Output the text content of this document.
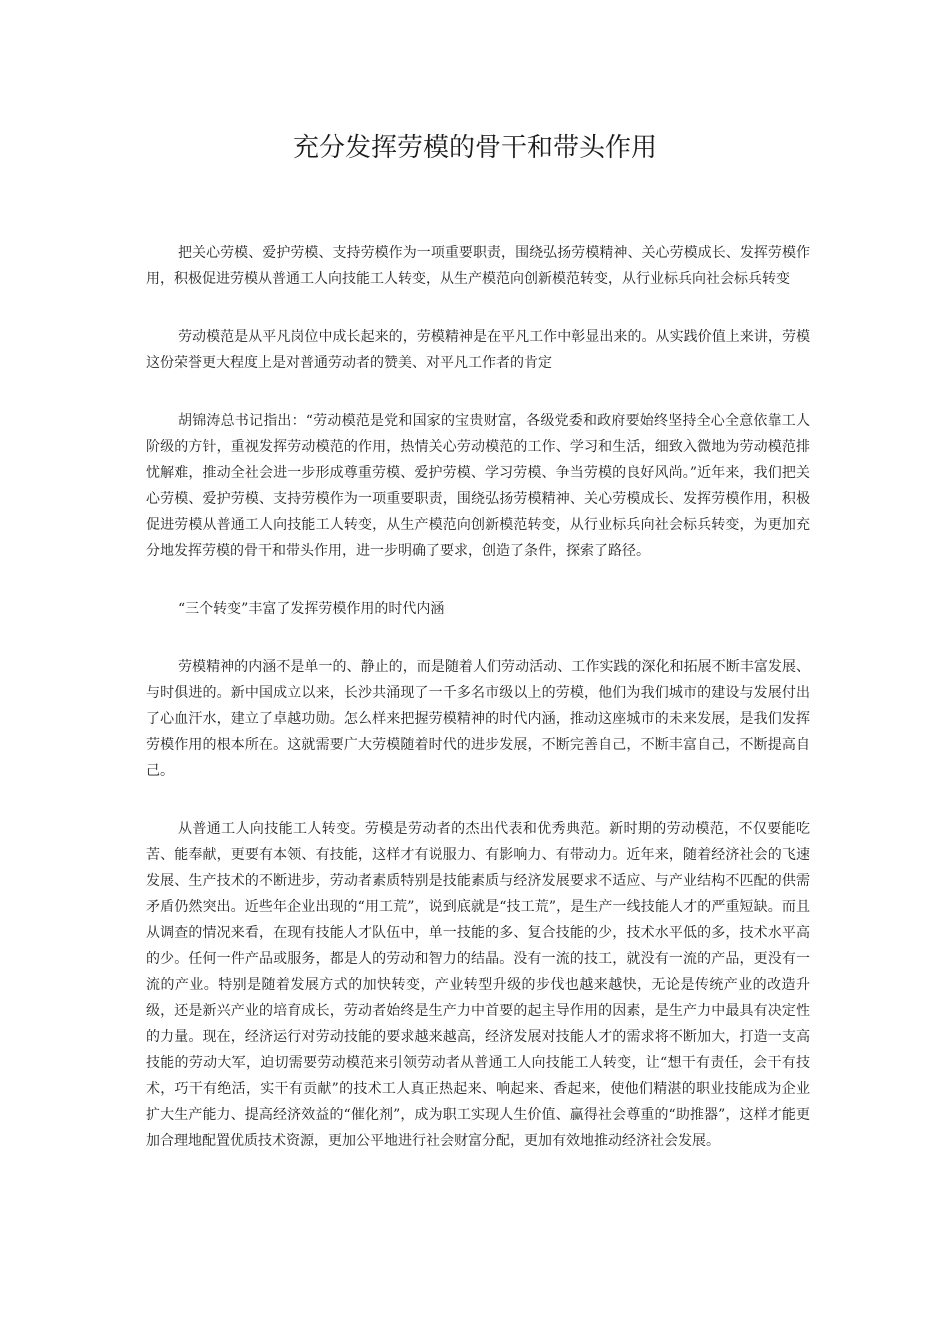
充分发挥劳模的骨干和带头作用

把关心劳模、爱护劳模、支持劳模作为一项重要职责，围绕弘扬劳模精神、关心劳模成长、发挥劳模作用，积极促进劳模从普通工人向技能工人转变，从生产模范向创新模范转变，从行业标兵向社会标兵转变

劳动模范是从平凡岗位中成长起来的，劳模精神是在平凡工作中彰显出来的。从实践价值上来讲，劳模这份荣誉更大程度上是对普通劳动者的赞美、对平凡工作者的肯定

胡锦涛总书记指出：“劳动模范是党和国家的宝贵财富，各级党委和政府要始终坚持全心全意依靠工人阶级的方针，重视发挥劳动模范的作用，热情关心劳动模范的工作、学习和生活，细致入微地为劳动模范排忧解难，推动全社会进一步形成尊重劳模、爱护劳模、学习劳模、争当劳模的良好风尚。”近年来，我们把关心劳模、爱护劳模、支持劳模作为一项重要职责，围绕弘扬劳模精神、关心劳模成长、发挥劳模作用，积极促进劳模从普通工人向技能工人转变，从生产模范向创新模范转变，从行业标兵向社会标兵转变，为更加充分地发挥劳模的骨干和带头作用，进一步明确了要求，创造了条件，探索了路径。

“三个转变”丰富了发挥劳模作用的时代内涵

劳模精神的内涵不是单一的、静止的，而是随着人们劳动活动、工作实践的深化和拓展不断丰富发展、与时俱进的。新中国成立以来，长沙共涌现了一千多名市级以上的劳模，他们为我们城市的建设与发展付出了心血汗水，建立了卓越功勋。怎么样来把握劳模精神的时代内涵，推动这座城市的未来发展，是我们发挥劳模作用的根本所在。这就需要广大劳模随着时代的进步发展，不断完善自己，不断丰富自己，不断提高自己。

从普通工人向技能工人转变。劳模是劳动者的杰出代表和优秀典范。新时期的劳动模范，不仅要能吃苦、能奉献，更要有本领、有技能，这样才有说服力、有影响力、有带动力。近年来，随着经济社会的飞速发展、生产技术的不断进步，劳动者素质特别是技能素质与经济发展要求不适应、与产业结构不匹配的供需矛盾仍然突出。近些年企业出现的“用工荒”，说到底就是“技工荒”，是生产一线技能人才的严重短缺。而且从调查的情况来看，在现有技能人才队伍中，单一技能的多、复合技能的少，技术水平低的多，技术水平高的少。任何一件产品或服务，都是人的劳动和智力的结晶。没有一流的技工，就没有一流的产品，更没有一流的产业。特别是随着发展方式的加快转变，产业转型升级的步伐也越来越快，无论是传统产业的改造升级，还是新兴产业的培育成长，劳动者始终是生产力中首要的起主导作用的因素，是生产力中最具有决定性的力量。现在，经济运行对劳动技能的要求越来越高，经济发展对技能人才的需求将不断加大，打造一支高技能的劳动大军，迫切需要劳动模范来引领劳动者从普通工人向技能工人转变，让“想干有责任，会干有技术，巧干有绝活，实干有贡献”的技术工人真正热起来、响起来、香起来，使他们精湛的职业技能成为企业扩大生产能力、提高经济效益的“催化剂”，成为职工实现人生价值、赢得社会尊重的“助推器”，这样才能更加合理地配置优质技术资源，更加公平地进行社会财富分配，更加有效地推动经济社会发展。
